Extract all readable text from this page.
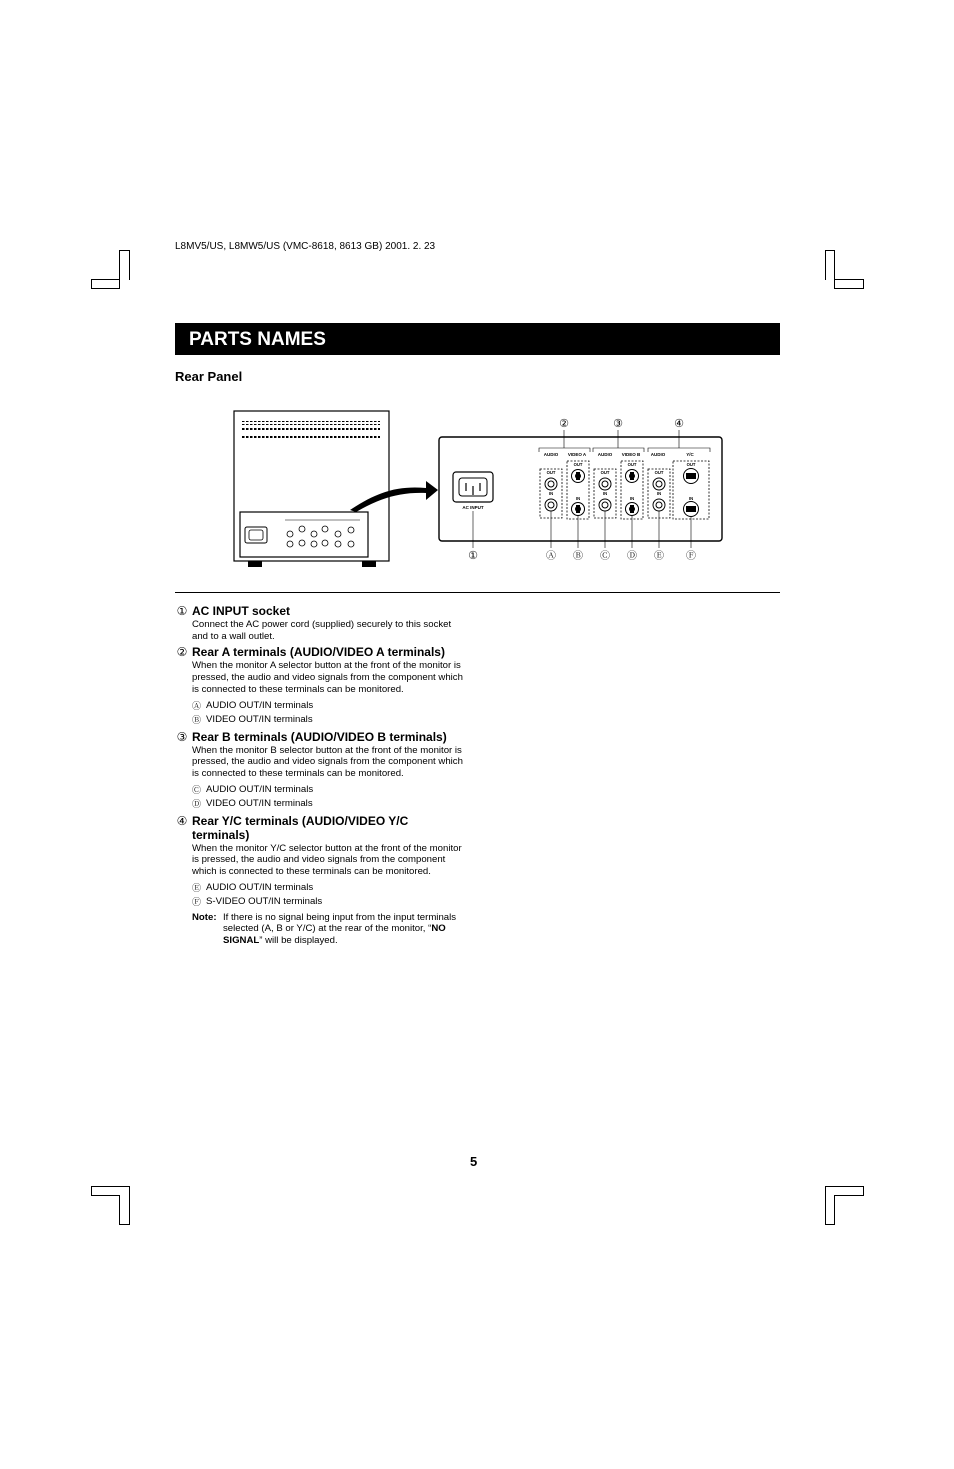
L8MV5/US, L8MW5/US (VMC-8618, 8613 GB) 2001. 2. 23
PARTS NAMES
Rear Panel
AC INPUT
AUDIO VIDEO A	AUDIO VIDEO B AUDIO	Y/C
②	③	④
①
OUT
IN
OUT
IN
OUT
IN
OUT
IN
OUT
IN
OUT
IN
Ⓐ Ⓑ Ⓒ Ⓓ Ⓔ Ⓕ
① AC INPUT socket
Connect the AC power cord (supplied) securely to this socket and to a wall outlet.
② Rear A terminals (AUDIO/VIDEO A terminals)
When the monitor A selector button at the front of the monitor is pressed, the audio and video signals from the component which is connected to these terminals can be monitored.
Ⓐ AUDIO OUT/IN terminals
Ⓑ VIDEO OUT/IN terminals
③ Rear B terminals (AUDIO/VIDEO B terminals)
When the monitor B selector button at the front of the monitor is pressed, the audio and video signals from the component which is connected to these terminals can be monitored.
Ⓒ AUDIO OUT/IN terminals
Ⓓ VIDEO OUT/IN terminals
④ Rear Y/C terminals (AUDIO/VIDEO Y/C terminals)
When the monitor Y/C selector button at the front of the monitor is pressed, the audio and video signals from the component which is connected to these terminals can be monitored.
Ⓔ AUDIO OUT/IN terminals
Ⓕ S-VIDEO OUT/IN terminals
Note: If there is no signal being input from the input terminals selected (A, B or Y/C) at the rear of the monitor, “NO SIGNAL” will be displayed.
5
